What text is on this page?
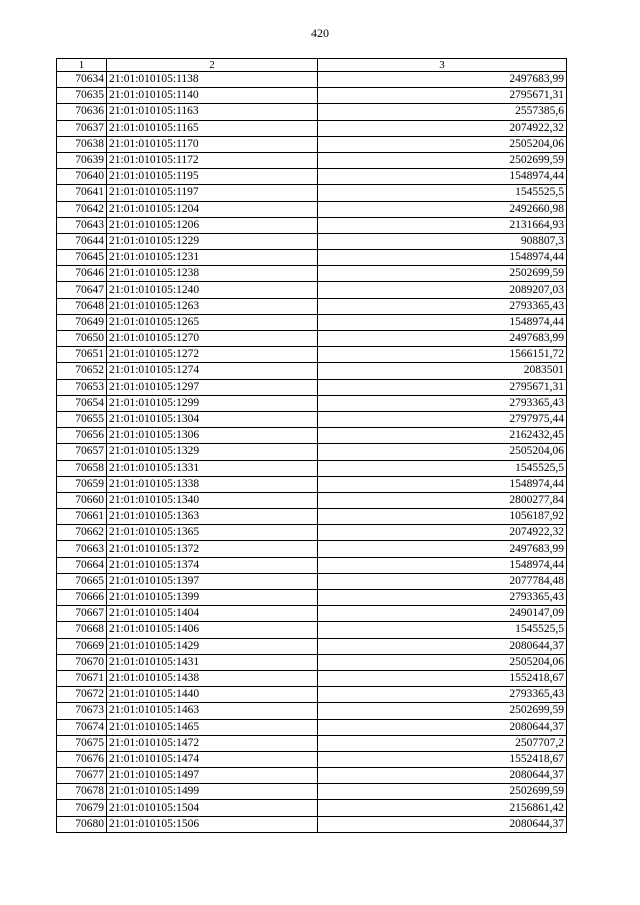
420
1	2	3
70634	21:01:010105:1138	2497683,99
70635	21:01:010105:1140	2795671,31
70636	21:01:010105:1163	2557385,6
70637	21:01:010105:1165	2074922,32
70638	21:01:010105:1170	2505204,06
70639	21:01:010105:1172	2502699,59
70640	21:01:010105:1195	1548974,44
70641	21:01:010105:1197	1545525,5
70642	21:01:010105:1204	2492660,98
70643	21:01:010105:1206	2131664,93
70644	21:01:010105:1229	908807,3
70645	21:01:010105:1231	1548974,44
70646	21:01:010105:1238	2502699,59
70647	21:01:010105:1240	2089207,03
70648	21:01:010105:1263	2793365,43
70649	21:01:010105:1265	1548974,44
70650	21:01:010105:1270	2497683,99
70651	21:01:010105:1272	1566151,72
70652	21:01:010105:1274	2083501
70653	21:01:010105:1297	2795671,31
70654	21:01:010105:1299	2793365,43
70655	21:01:010105:1304	2797975,44
70656	21:01:010105:1306	2162432,45
70657	21:01:010105:1329	2505204,06
70658	21:01:010105:1331	1545525,5
70659	21:01:010105:1338	1548974,44
70660	21:01:010105:1340	2800277,84
70661	21:01:010105:1363	1056187,92
70662	21:01:010105:1365	2074922,32
70663	21:01:010105:1372	2497683,99
70664	21:01:010105:1374	1548974,44
70665	21:01:010105:1397	2077784,48
70666	21:01:010105:1399	2793365,43
70667	21:01:010105:1404	2490147,09
70668	21:01:010105:1406	1545525,5
70669	21:01:010105:1429	2080644,37
70670	21:01:010105:1431	2505204,06
70671	21:01:010105:1438	1552418,67
70672	21:01:010105:1440	2793365,43
70673	21:01:010105:1463	2502699,59
70674	21:01:010105:1465	2080644,37
70675	21:01:010105:1472	2507707,2
70676	21:01:010105:1474	1552418,67
70677	21:01:010105:1497	2080644,37
70678	21:01:010105:1499	2502699,59
70679	21:01:010105:1504	2156861,42
70680	21:01:010105:1506	2080644,37
